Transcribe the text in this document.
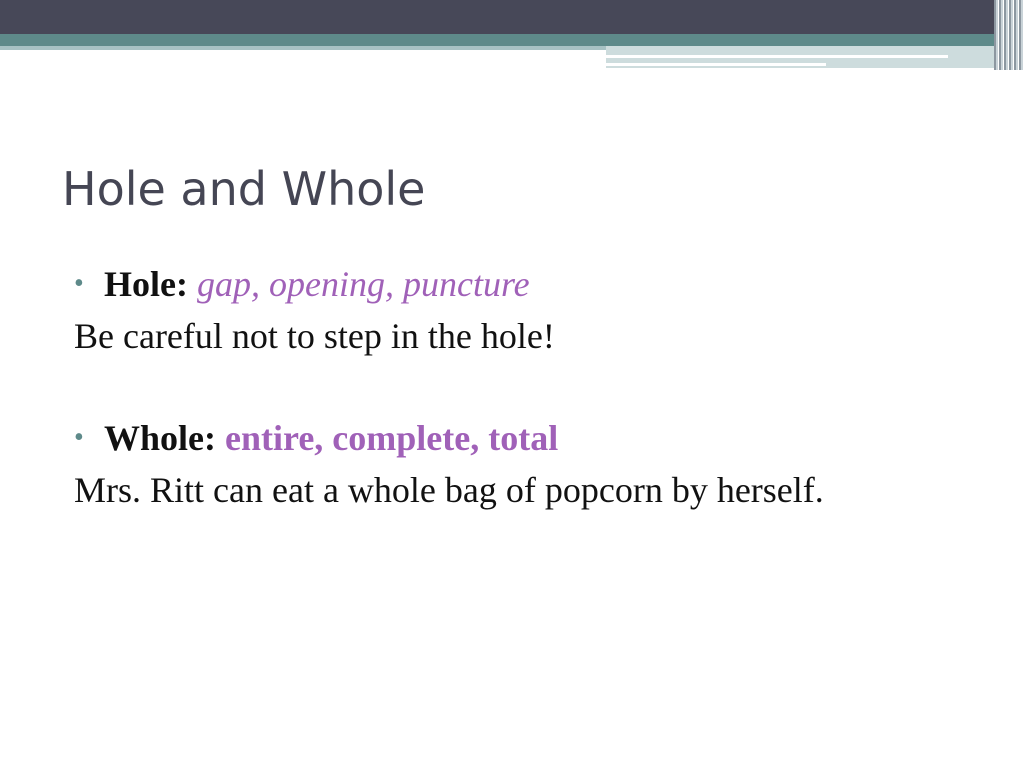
Hole and Whole

• Hole: gap, opening, puncture

Be careful not to step in the hole!

• Whole: entire, complete, total

Mrs. Ritt can eat a whole bag of popcorn by herself.
